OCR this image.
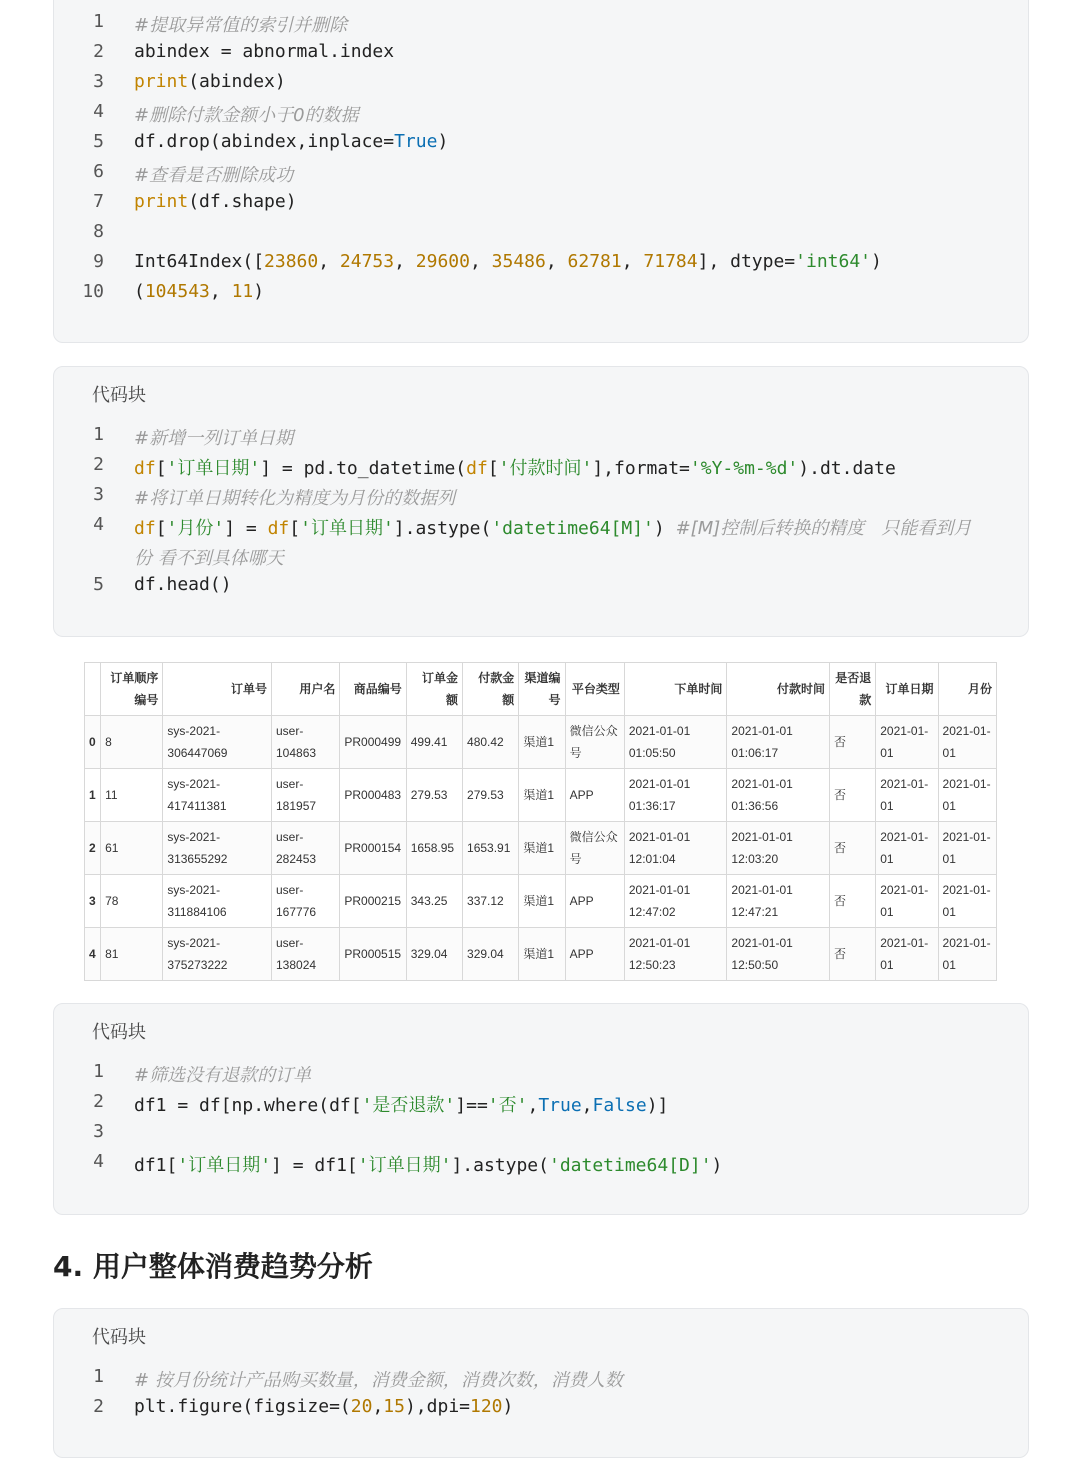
1 #提取异常值的索引并删除
2 abindex = abnormal.index
3 print(abindex)
4 #删除付款金额小于0的数据
5 df.drop(abindex,inplace=True)
6 #查看是否删除成功
7 print(df.shape)
8
9 Int64Index([23860, 24753, 29600, 35486, 62781, 71784], dtype='int64')
10 (104543, 11)
代码块
1 #新增一列订单日期
2 df['订单日期'] = pd.to_datetime(df['付款时间'],format='%Y-%m-%d').dt.date
3 #将订单日期转化为精度为月份的数据列
4 df['月份'] = df['订单日期'].astype('datetime64[M]') #[M]控制后转换的精度   只能看到月
份 看不到具体哪天
5 df.head()
	订单顺序编号	订单号	用户名	商品编号	订单金额	付款金额	渠道编号	平台类型	下单时间	付款时间	是否退款	订单日期	月份
0	8	sys-2021-306447069	user-104863	PR000499	499.41	480.42	渠道1	微信公众号	2021-01-01 01:05:50	2021-01-01 01:06:17	否	2021-01-01	2021-01-01
1	11	sys-2021-417411381	user-181957	PR000483	279.53	279.53	渠道1	APP	2021-01-01 01:36:17	2021-01-01 01:36:56	否	2021-01-01	2021-01-01
2	61	sys-2021-313655292	user-282453	PR000154	1658.95	1653.91	渠道1	微信公众号	2021-01-01 12:01:04	2021-01-01 12:03:20	否	2021-01-01	2021-01-01
3	78	sys-2021-311884106	user-167776	PR000215	343.25	337.12	渠道1	APP	2021-01-01 12:47:02	2021-01-01 12:47:21	否	2021-01-01	2021-01-01
4	81	sys-2021-375273222	user-138024	PR000515	329.04	329.04	渠道1	APP	2021-01-01 12:50:23	2021-01-01 12:50:50	否	2021-01-01	2021-01-01
代码块
1 #筛选没有退款的订单
2 df1 = df[np.where(df['是否退款']=='否',True,False)]
3
4 df1['订单日期'] = df1['订单日期'].astype('datetime64[D]')
4. 用户整体消费趋势分析
代码块
1 # 按月份统计产品购买数量，消费金额，消费次数，消费人数
2 plt.figure(figsize=(20,15),dpi=120)
